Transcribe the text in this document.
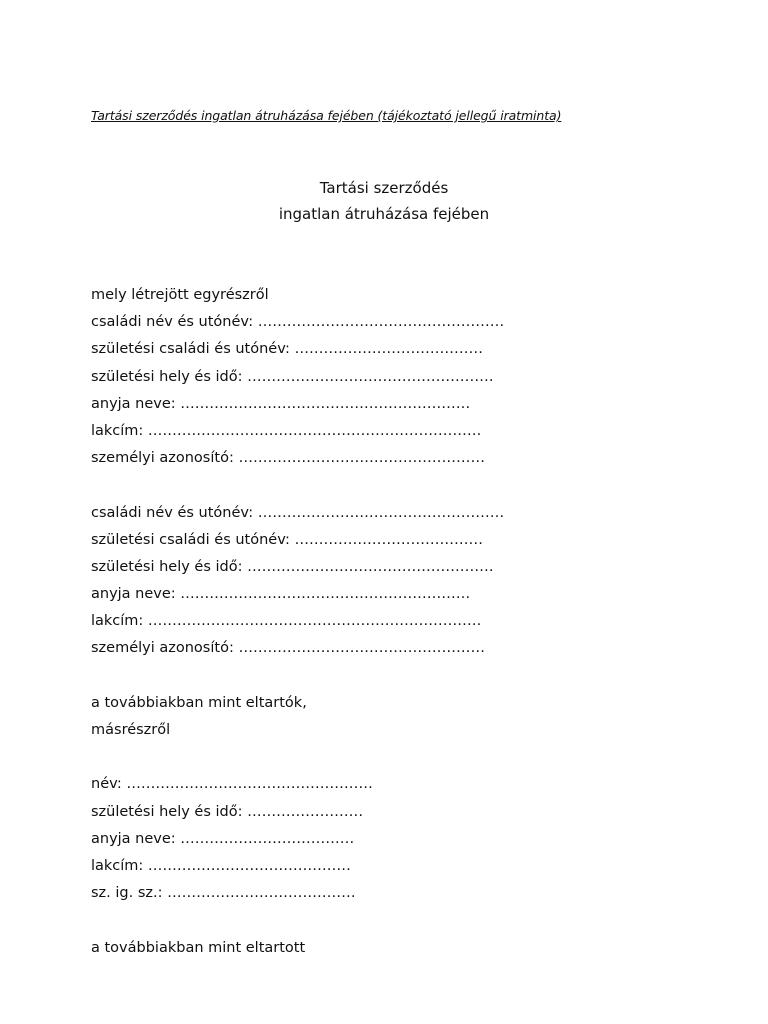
Tartási szerződés ingatlan átruházása fejében (tájékoztató jellegű iratminta)
Tartási szerződés
ingatlan átruházása fejében
mely létrejött egyrészről
családi név és utónév: ……………………………………………
születési családi és utónév: …………………………………
születési hely és idő: ……………………………………………
anyja neve: ……………………………………………………
lakcím: ……………………………………………………………
személyi azonosító: ……………………………………………
családi név és utónév: ……………………………………………
születési családi és utónév: …………………………………
születési hely és idő: ……………………………………………
anyja neve: ……………………………………………………
lakcím: ……………………………………………………………
személyi azonosító: ……………………………………………
a továbbiakban mint eltartók,
másrészről
név: ……………………………………………
születési hely és idő: ……………………
anyja neve: ………………………………
lakcím: ……………………………………
sz. ig. sz.: …………………………………
a továbbiakban mint eltartott
